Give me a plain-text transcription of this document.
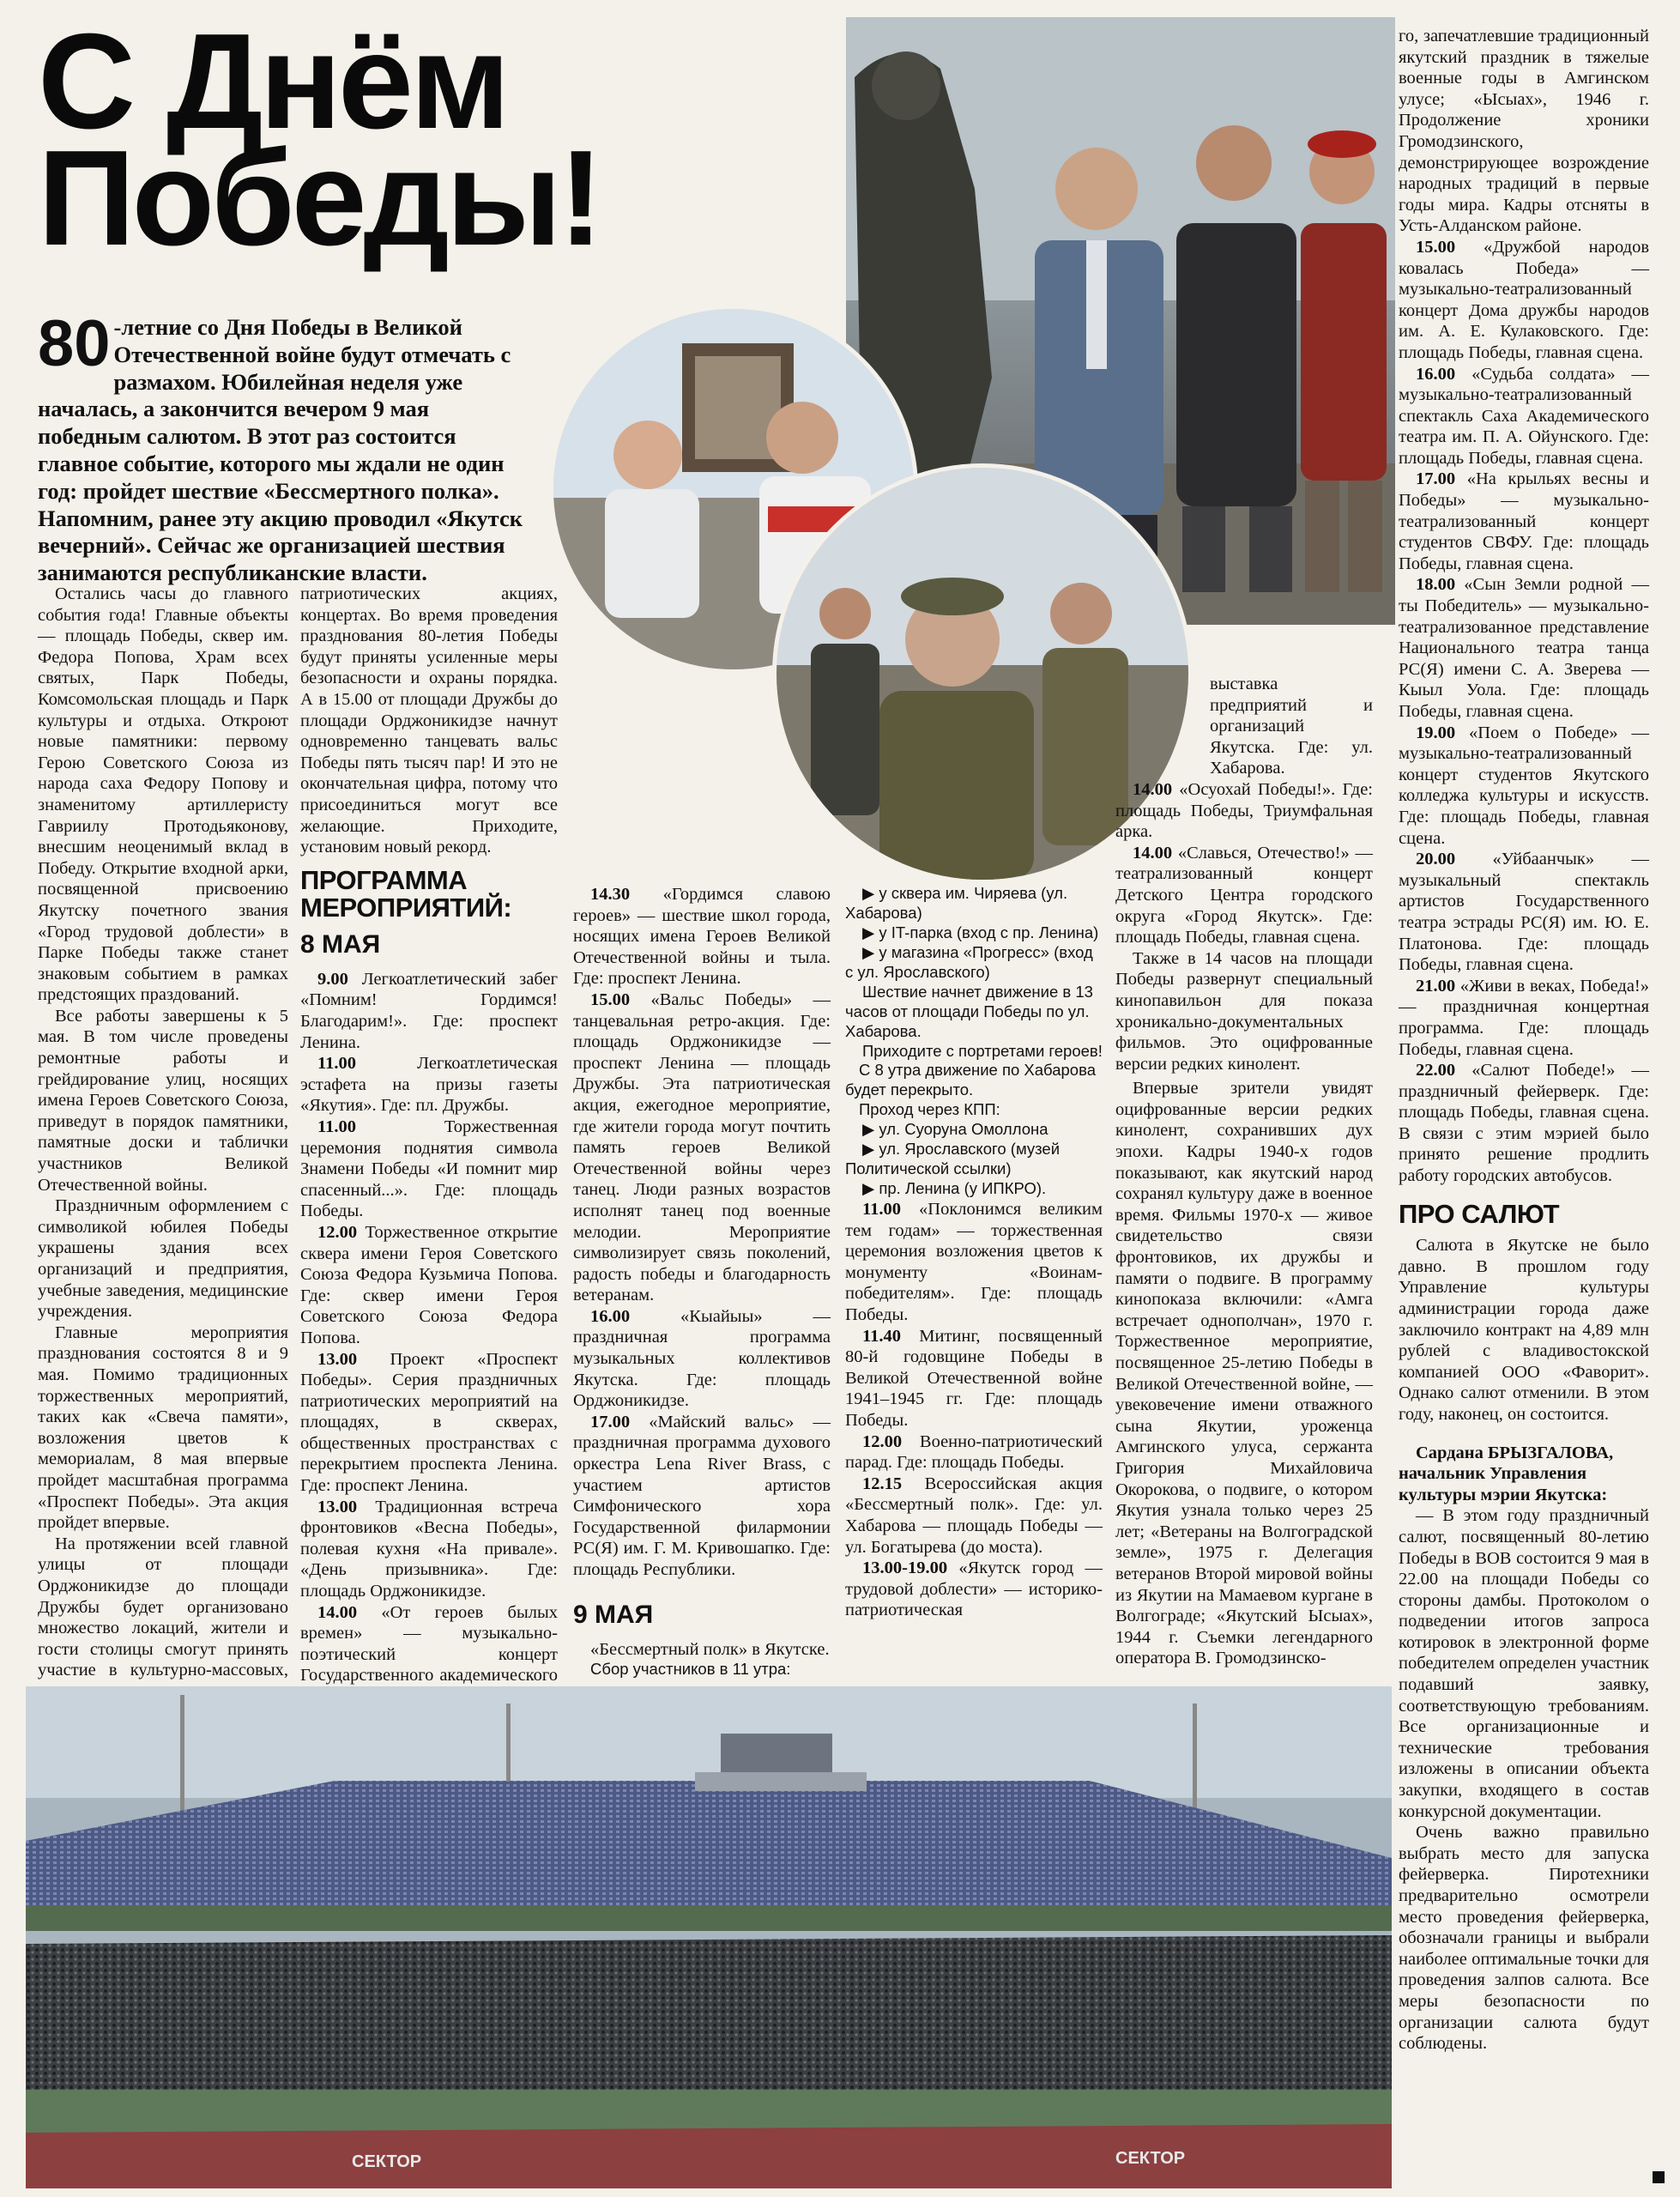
С Днём
Победы!
80 -летние со Дня Победы в Великой Отечественной войне будут отмечать с размахом. Юбилейная неделя уже началась, а закончится вечером 9 мая победным салютом. В этот раз состоится главное событие, которого мы ждали не один год: пройдет шествие «Бессмертного полка». Напомним, ранее эту акцию проводил «Якутск вечерний». Сейчас же организацией шествия занимаются республиканские власти.

Остались часы до главного события года! Главные объекты — площадь Победы, сквер им. Федора Попова, Храм всех святых, Парк Победы, Комсомольская площадь и Парк культуры и отдыха. Откроют новые памятники: первому Герою Советского Союза из народа саха Федору Попову и знаменитому артиллеристу Гавриилу Протодьяконову, внесшим неоценимый вклад в Победу. Открытие входной арки, посвященной присвоению Якутску почетного звания «Город трудовой доблести» в Парке Победы также станет знаковым событием в рамках предстоящих праздований.

Все работы завершены к 5 мая. В том числе проведены ремонтные работы и грейдирование улиц, носящих имена Героев Советского Союза, приведут в порядок памятники, памятные доски и таблички участников Великой Отечественной войны.

Праздничным оформлением с символикой юбилея Победы украшены здания всех организаций и предприятия, учебные заведения, медицинские учреждения.

Главные мероприятия празднования состоятся 8 и 9 мая. Помимо традиционных торжественных мероприятий, таких как «Свеча памяти», возложения цветов к мемориалам, 8 мая впервые пройдет масштабная программа «Проспект Победы». Эта акция пройдет впервые.

На протяжении всей главной улицы от площади Орджоникидзе до площади Дружбы будет организовано множество локаций, жители и гости столицы смогут принять участие в культурно-массовых,

патриотических акциях, концертах. Во время проведения празднования 80-летия Победы будут приняты усиленные меры безопасности и охраны порядка. А в 15.00 от площади Дружбы до площади Орджоникидзе начнут одновременно танцевать вальс Победы пять тысяч пар! И это не окончательная цифра, потому что присоединиться могут все желающие. Приходите, установим новый рекорд.

ПРОГРАММА МЕРОПРИЯТИЙ:
8 МАЯ

9.00 Легкоатлетический забег «Помним! Гордимся! Благодарим!». Где: проспект Ленина.

11.00	Легкоатлетическая эстафета на призы газеты «Якутия». Где: пл. Дружбы.

11.00	Торжественная церемония поднятия символа Знамени Победы «И помнит мир спасенный...». Где: площадь Победы.

12.00 Торжественное открытие сквера имени Героя Советского Союза Федора Кузьмича Попова. Где: сквер имени Героя Советского Союза Федора Попова.

13.00 Проект «Проспект Победы». Серия праздничных патриотических мероприятий на площадях, в скверах, общественных пространствах с перекрытием проспекта Ленина. Где: проспект Ленина.

13.00 Традиционная встреча фронтовиков «Весна Победы», полевая кухня «На привале». «День призывника». Где: площадь Орджоникидзе.

14.00 «От героев былых времен» — музыкально-поэтический концерт Государственного академического

14.30 «Гордимся славою героев» — шествие школ города, носящих имена Героев Великой Отечественной войны и тыла. Где: проспект Ленина.

15.00 «Вальс Победы» — танцевальная ретро-акция. Где: площадь Орджоникидзе — проспект Ленина — площадь Дружбы. Эта патриотическая акция, ежегодное мероприятие, где жители города могут почтить память героев Великой Отечественной войны через танец. Люди разных возрастов исполнят танец под военные мелодии. Мероприятие символизирует связь поколений, радость победы и благодарность ветеранам.

16.00	«Кыайыы» — праздничная программа музыкальных коллективов Якутска. Где: площадь Орджоникидзе.

17.00 «Майский вальс» — праздничная программа духового оркестра Lena River Brass, с участием артистов Симфонического хора Государственной филармонии РС(Я) им. Г. М. Кривошапко. Где: площадь Республики.

9 МАЯ

«Бессмертный полк» в Якутске.

Сбор участников в 11 утра:

▶ у сквера им. Чиряева (ул. Хабарова)

▶ у IT-парка (вход с пр. Ленина)

▶ у магазина «Прогресс» (вход с ул. Ярославского)

Шествие начнет движение в 13 часов от площади Победы по ул. Хабарова.

Приходите с портретами героев!

С 8 утра движение по Хабарова будет перекрыто.

Проход через КПП:

▶ ул. Суоруна Омоллона

▶ ул. Ярославского (музей Политической ссылки)

▶ пр. Ленина (у ИПКРО).

11.00 «Поклонимся великим тем годам» — торжественная церемония возложения цветов к монументу «Воинам-победителям». Где: площадь Победы.

11.40 Митинг, посвященный 80-й годовщине Победы в Великой Отечественной войне 1941–1945 гг. Где: площадь Победы.

12.00 Военно-патриотический парад. Где: площадь Победы.

12.15 Всероссийская акция «Бессмертный полк». Где: ул. Хабарова — площадь Победы — ул. Богатырева (до моста).

13.00-19.00 «Якутск город — трудовой доблести» — историко-патриотическая

выставка предприятий и организаций Якутска. Где: ул. Хабарова.

14.00 «Осуохай Победы!». Где: площадь Победы, Триумфальная арка.

14.00 «Славься, Отечество!» — театрализованный концерт Детского Центра городского округа «Город Якутск». Где: площадь Победы, главная сцена.

Также в 14 часов на площади Победы развернут специальный кинопавильон для показа хроникально-документальных фильмов. Это оцифрованные версии редких кинолент.

Впервые зрители увидят оцифрованные версии редких кинолент, сохранивших дух эпохи. Кадры 1940-х годов показывают, как якутский народ сохранял культуру даже в военное время. Фильмы 1970-х — живое свидетельство связи фронтовиков, их дружбы и памяти о подвиге. В программу кинопоказа включили: «Амга встречает однополчан», 1970 г. Торжественное мероприятие, посвященное 25-летию Победы в Великой Отечественной войне, — увековечение имени отважного сына Якутии, уроженца Амгинского улуса, сержанта Григория Михайловича Окорокова, о подвиге, о котором Якутия узнала только через 25 лет; «Ветераны на Волгоградской земле», 1975 г. Делегация ветеранов Второй мировой войны из Якутии на Мамаевом кургане в Волгограде; «Якутский Ысыах», 1944 г. Съемки легендарного оператора В. Громодзинско-

го, запечатлевшие традиционный якутский праздник в тяжелые военные годы в Амгинском улусе; «Ысыах», 1946 г. Продолжение хроники Громодзинского, демонстрирующее возрождение народных традиций в первые годы мира. Кадры отсняты в Усть-Алданском районе.

15.00 «Дружбой народов ковалась Победа» — музыкально-театрализованный концерт Дома дружбы народов им. А. Е. Кулаковского. Где: площадь Победы, главная сцена.

16.00 «Судьба солдата» — музыкально-театрализованный спектакль Саха Академического театра им. П. А. Ойунского. Где: площадь Победы, главная сцена.

17.00 «На крыльях весны и Победы» — музыкально-театрализованный концерт студентов СВФУ. Где: площадь Победы, главная сцена.

18.00 «Сын Земли родной — ты Победитель» — музыкально-театрализованное представление Национального театра танца РС(Я) имени С. А. Зверева — Кыыл Уола. Где: площадь Победы, главная сцена.

19.00 «Поем о Победе» — музыкально-театрализованный концерт студентов Якутского колледжа культуры и искусств. Где: площадь Победы, главная сцена.

20.00 «Уйбаанчык» — музыкальный спектакль артистов Государственного театра эстрады РС(Я) им. Ю. Е. Платонова. Где: площадь Победы, главная сцена.

21.00 «Живи в веках, Победа!» — праздничная концертная программа. Где: площадь Победы, главная сцена.

22.00 «Салют Победе!» — праздничный фейерверк. Где: площадь Победы, главная сцена. В связи с этим мэрией было принято решение продлить работу городских автобусов.

ПРО САЛЮТ

Салюта в Якутске не было давно. В прошлом году Управление культуры администрации города даже заключило контракт на 4,89 млн рублей с владивостокской компанией ООО «Фаворит». Однако салют отменили. В этом году, наконец, он состоится.

Сардана БРЫЗГАЛОВА, начальник Управления культуры мэрии Якутска:

— В этом году праздничный салют, посвященный 80-летию Победы в ВОВ состоится 9 мая в 22.00 на площади Победы со стороны дамбы. Протоколом о подведении итогов запроса котировок в электронной форме победителем определен участник подавший заявку, соответствующую требованиям. Все организационные и технические требования изложены в описании объекта закупки, входящего в состав конкурсной документации.

Очень важно правильно выбрать место для запуска фейерверка. Пиротехники предварительно осмотрели место проведения фейерверка, обозначали границы и выбрали наиболее оптимальные точки для проведения залпов салюта. Все меры безопасности по организации салюта будут соблюдены.

СЕКТОР	СЕКТОР
